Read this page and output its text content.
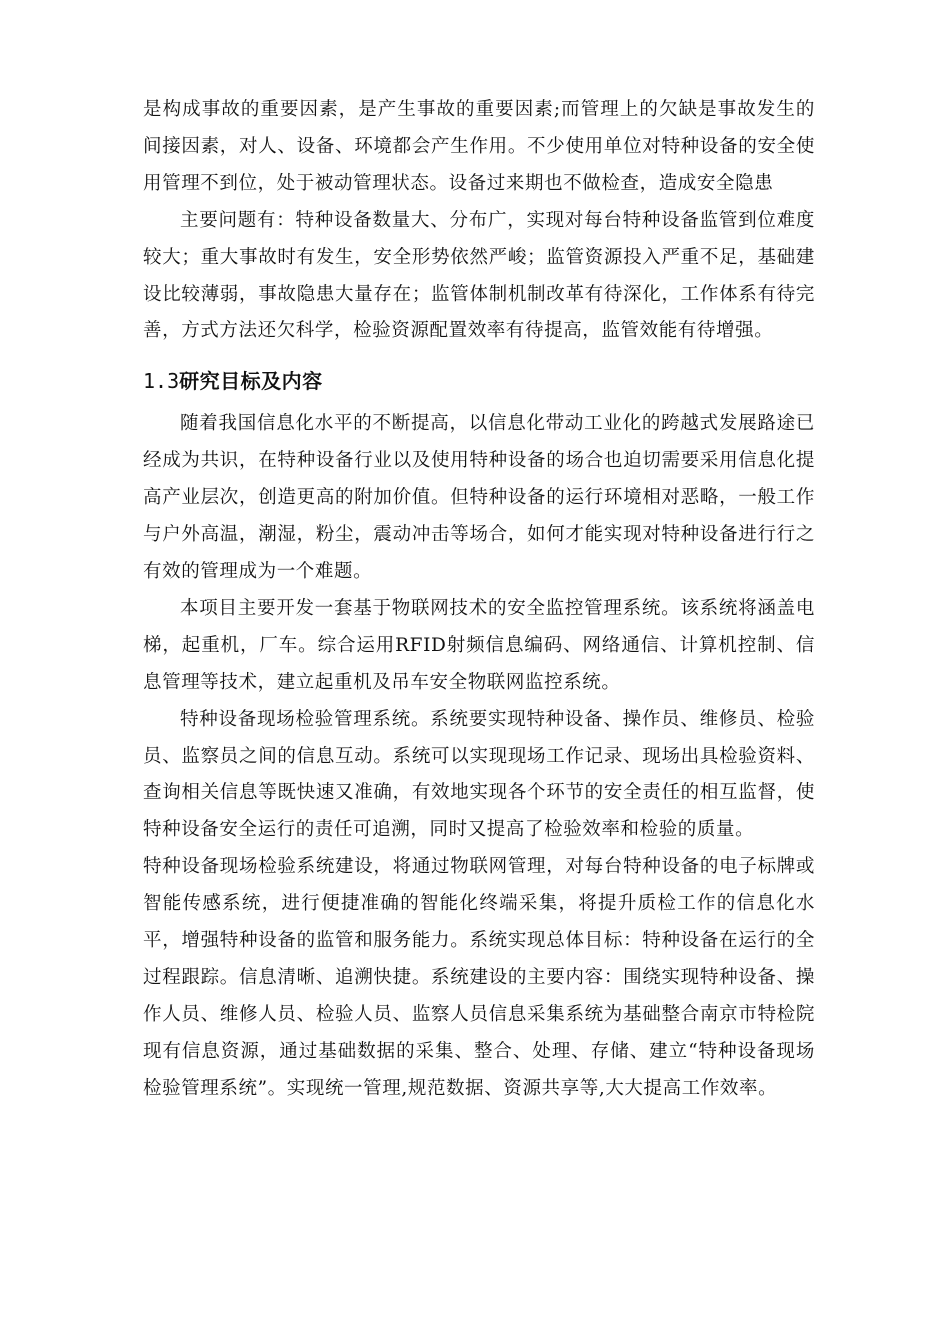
是构成事故的重要因素，是产生事故的重要因素;而管理上的欠缺是事故发生的间接因素，对人、设备、环境都会产生作用。不少使用单位对特种设备的安全使用管理不到位，处于被动管理状态。设备过来期也不做检查，造成安全隐患

主要问题有：特种设备数量大、分布广，实现对每台特种设备监管到位难度较大；重大事故时有发生，安全形势依然严峻；监管资源投入严重不足，基础建设比较薄弱，事故隐患大量存在；监管体制机制改革有待深化，工作体系有待完善，方式方法还欠科学，检验资源配置效率有待提高，监管效能有待增强。

1.3研究目标及内容

随着我国信息化水平的不断提高，以信息化带动工业化的跨越式发展路途已经成为共识，在特种设备行业以及使用特种设备的场合也迫切需要采用信息化提高产业层次，创造更高的附加价值。但特种设备的运行环境相对恶略，一般工作与户外高温，潮湿，粉尘，震动冲击等场合，如何才能实现对特种设备进行行之有效的管理成为一个难题。

本项目主要开发一套基于物联网技术的安全监控管理系统。该系统将涵盖电梯，起重机，厂车。综合运用RFID射频信息编码、网络通信、计算机控制、信息管理等技术，建立起重机及吊车安全物联网监控系统。

特种设备现场检验管理系统。系统要实现特种设备、操作员、维修员、检验员、监察员之间的信息互动。系统可以实现现场工作记录、现场出具检验资料、查询相关信息等既快速又准确，有效地实现各个环节的安全责任的相互监督，使特种设备安全运行的责任可追溯，同时又提高了检验效率和检验的质量。

特种设备现场检验系统建设，将通过物联网管理，对每台特种设备的电子标牌或智能传感系统，进行便捷准确的智能化终端采集，将提升质检工作的信息化水平，增强特种设备的监管和服务能力。系统实现总体目标：特种设备在运行的全过程跟踪。信息清晰、追溯快捷。系统建设的主要内容：围绕实现特种设备、操作人员、维修人员、检验人员、监察人员信息采集系统为基础整合南京市特检院现有信息资源，通过基础数据的采集、整合、处理、存储、建立“特种设备现场检验管理系统”。实现统一管理,规范数据、资源共享等,大大提高工作效率。
